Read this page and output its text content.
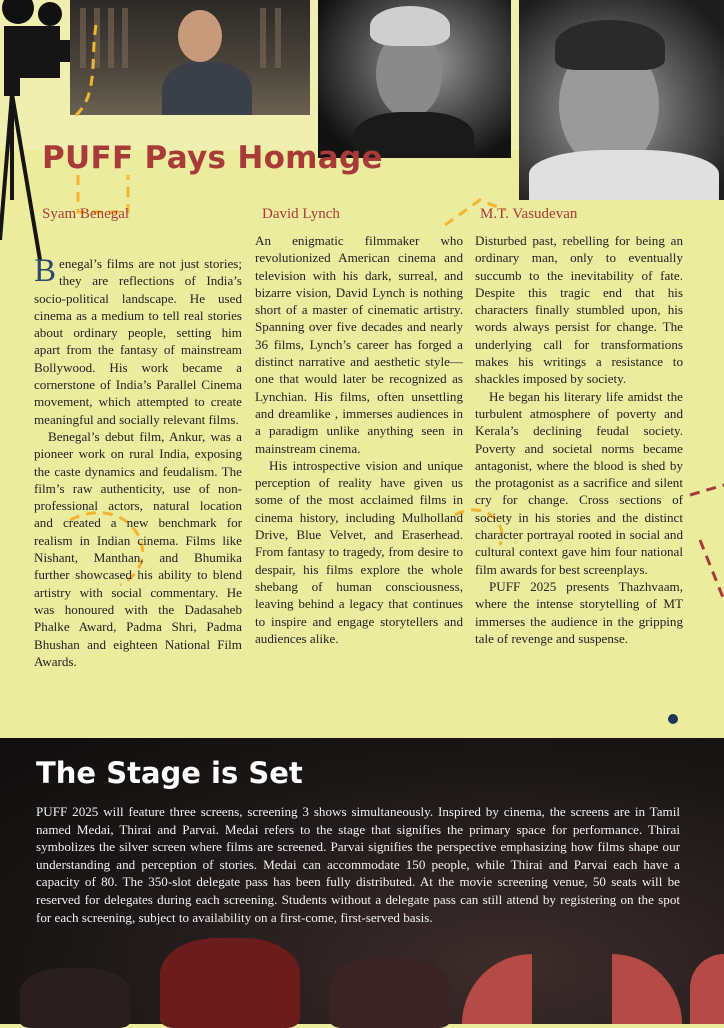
PUFF Pays Homage
Syam Benegal

Benegal’s films are not just stories; they are reflections of India’s socio-political landscape. He used cinema as a medium to tell real stories about ordinary people, setting him apart from the fantasy of mainstream Bollywood. His work became a cornerstone of India’s Parallel Cinema movement, which attempted to create meaningful and socially relevant films.

Benegal’s debut film, Ankur, was a pioneer work on rural India, exposing the caste dynamics and feudalism. The film’s raw authenticity, use of non-professional actors, natural location and created a new benchmark for realism in Indian cinema. Films like Nishant, Manthan, and Bhumika further showcased his ability to blend artistry with social commentary. He was honoured with the Dadasaheb Phalke Award, Padma Shri, Padma Bhushan and eighteen National Film Awards.

David Lynch

An enigmatic filmmaker who revolutionized American cinema and television with his dark, surreal, and bizarre vision, David Lynch is nothing short of a master of cinematic artistry. Spanning over five decades and nearly 36 films, Lynch’s career has forged a distinct narrative and aesthetic style—one that would later be recognized as Lynchian. His films, often unsettling and dreamlike , immerses audiences in a paradigm unlike anything seen in mainstream cinema.

His introspective vision and unique perception of reality have given us some of the most acclaimed films in cinema history, including Mulholland Drive, Blue Velvet, and Eraserhead. From fantasy to tragedy, from desire to despair, his films explore the whole shebang of human consciousness, leaving behind a legacy that continues to inspire and engage storytellers and audiences alike.

M.T. Vasudevan

Disturbed past, rebelling for being an ordinary man, only to eventually succumb to the inevitability of fate. Despite this tragic end that his characters finally stumbled upon, his words always persist for change. The underlying call for transformations makes his writings a resistance to shackles imposed by society.

He began his literary life amidst the turbulent atmosphere of poverty and Kerala’s declining feudal society. Poverty and societal norms became antagonist, where the blood is shed by the protagonist as a sacrifice and silent cry for change. Cross sections of society in his stories and the distinct character portrayal rooted in social and cultural context gave him four national film awards for best screenplays.

PUFF 2025 presents Thazhvaam, where the intense storytelling of MT immerses the audience in the gripping tale of revenge and suspense.

The Stage is Set

PUFF 2025 will feature three screens, screening 3 shows simultaneously. Inspired by cinema, the screens are in Tamil named Medai, Thirai and Parvai. Medai refers to the stage that signifies the primary space for performance. Thirai symbolizes the silver screen where films are screened. Parvai signifies the perspective emphasizing how films shape our understanding and perception of stories. Medai can accommodate 150 people, while Thirai and Parvai each have a capacity of 80. The 350-slot delegate pass has been fully distributed. At the movie screening venue, 50 seats will be reserved for delegates during each screening. Students without a delegate pass can still attend by registering on the spot for each screening, subject to availability on a first-come, first-served basis.
